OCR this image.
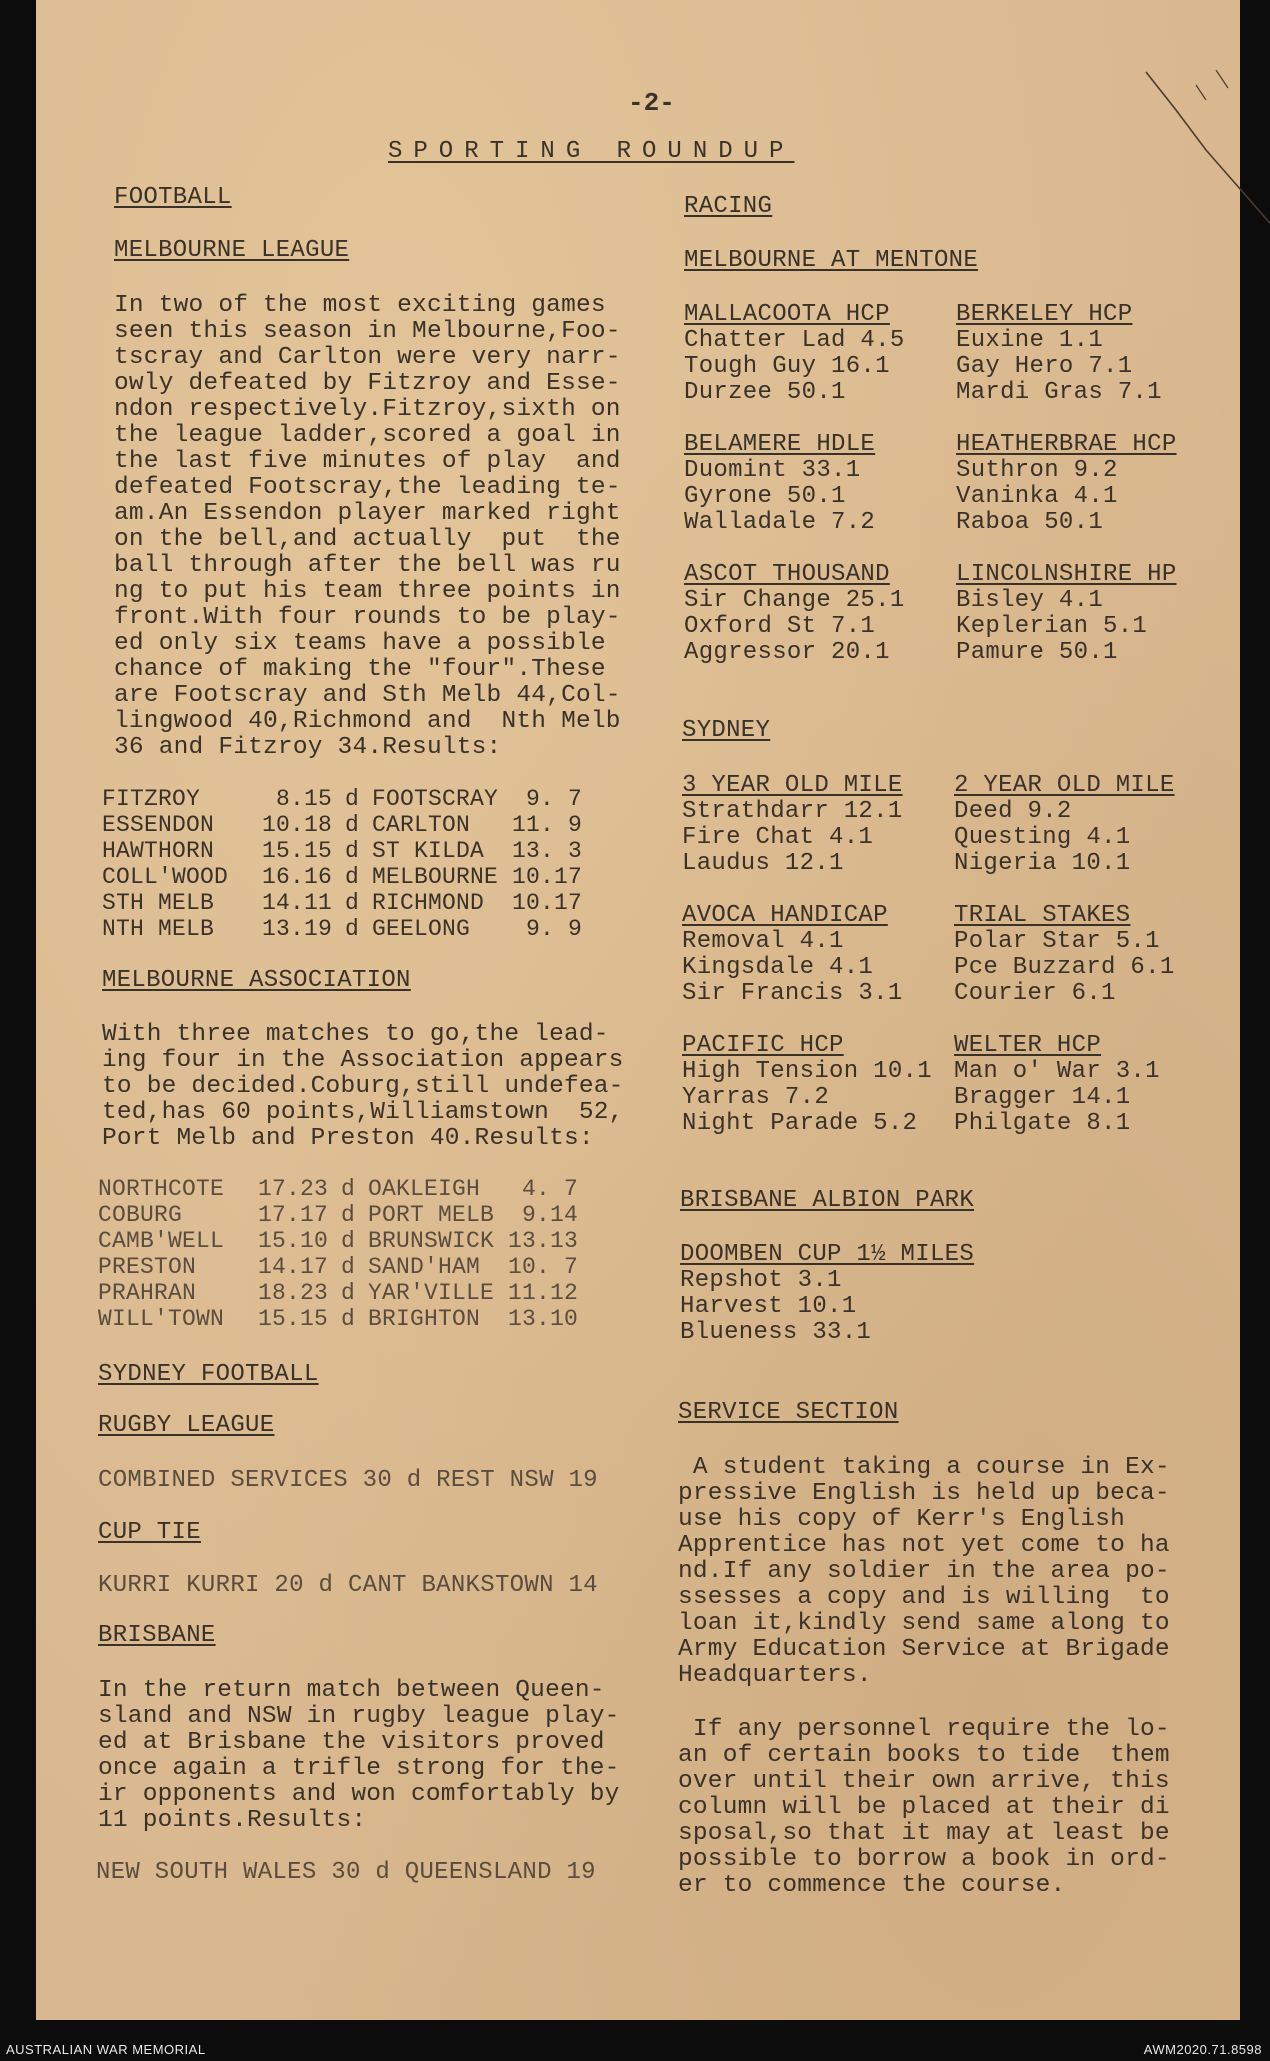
-2-
SPORTING ROUNDUP
FOOTBALL
MELBOURNE LEAGUE
In two of the most exciting games
seen this season in Melbourne,Foo-
tscray and Carlton were very narr-
owly defeated by Fitzroy and Esse-
ndon respectively.Fitzroy,sixth on
the league ladder,scored a goal in
the last five minutes of play  and
defeated Footscray,the leading te-
am.An Essendon player marked right
on the bell,and actually  put  the
ball through after the bell was ru
ng to put his team three points in
front.With four rounds to be play-
ed only six teams have a possible
chance of making the "four".These
are Footscray and Sth Melb 44,Col-
lingwood 40,Richmond and  Nth Melb
36 and Fitzroy 34.Results:
FITZROY	8.15	d	FOOTSCRAY	9. 7
ESSENDON	10.18	d	CARLTON	11. 9
HAWTHORN	15.15	d	ST KILDA	13. 3
COLL'WOOD	16.16	d	MELBOURNE	10.17
STH MELB	14.11	d	RICHMOND	10.17
NTH MELB	13.19	d	GEELONG	9. 9
MELBOURNE ASSOCIATION
With three matches to go,the lead-
ing four in the Association appears
to be decided.Coburg,still undefea-
ted,has 60 points,Williamstown  52,
Port Melb and Preston 40.Results:
NORTHCOTE	17.23	d	OAKLEIGH	4. 7
COBURG	17.17	d	PORT MELB	9.14
CAMB'WELL	15.10	d	BRUNSWICK	13.13
PRESTON	14.17	d	SAND'HAM	10. 7
PRAHRAN	18.23	d	YAR'VILLE	11.12
WILL'TOWN	15.15	d	BRIGHTON	13.10
SYDNEY FOOTBALL
RUGBY LEAGUE
COMBINED SERVICES 30 d REST NSW 19
CUP TIE
KURRI KURRI 20 d CANT BANKSTOWN 14
BRISBANE
In the return match between Queen-
sland and NSW in rugby league play-
ed at Brisbane the visitors proved
once again a trifle strong for the-
ir opponents and won comfortably by
11 points.Results:
NEW SOUTH WALES 30 d QUEENSLAND 19
RACING
MELBOURNE AT MENTONE
MALLACOOTA HCP
Chatter Lad 4.5
Tough Guy 16.1
Durzee 50.1
BERKELEY HCP
Euxine 1.1
Gay Hero 7.1
Mardi Gras 7.1
BELAMERE HDLE
Duomint 33.1
Gyrone 50.1
Walladale 7.2
HEATHERBRAE HCP
Suthron 9.2
Vaninka 4.1
Raboa 50.1
ASCOT THOUSAND
Sir Change 25.1
Oxford St 7.1
Aggressor 20.1
LINCOLNSHIRE HP
Bisley 4.1
Keplerian 5.1
Pamure 50.1
SYDNEY
3 YEAR OLD MILE
Strathdarr 12.1
Fire Chat 4.1
Laudus 12.1
2 YEAR OLD MILE
Deed 9.2
Questing 4.1
Nigeria 10.1
AVOCA HANDICAP
Removal 4.1
Kingsdale 4.1
Sir Francis 3.1
TRIAL STAKES
Polar Star 5.1
Pce Buzzard 6.1
Courier 6.1
PACIFIC HCP
High Tension 10.1
Yarras 7.2
Night Parade 5.2
WELTER HCP
Man o' War 3.1
Bragger 14.1
Philgate 8.1
BRISBANE ALBION PARK
DOOMBEN CUP 1½ MILES
Repshot 3.1
Harvest 10.1
Blueness 33.1
SERVICE SECTION
A student taking a course in Ex-
pressive English is held up beca-
use his copy of Kerr's English
Apprentice has not yet come to ha
nd.If any soldier in the area po-
ssesses a copy and is willing  to
loan it,kindly send same along to
Army Education Service at Brigade
Headquarters.
If any personnel require the lo-
an of certain books to tide  them
over until their own arrive, this
column will be placed at their di
sposal,so that it may at least be
possible to borrow a book in ord-
er to commence the course.
AUSTRALIAN WAR MEMORIAL	AWM2020.71.8598
